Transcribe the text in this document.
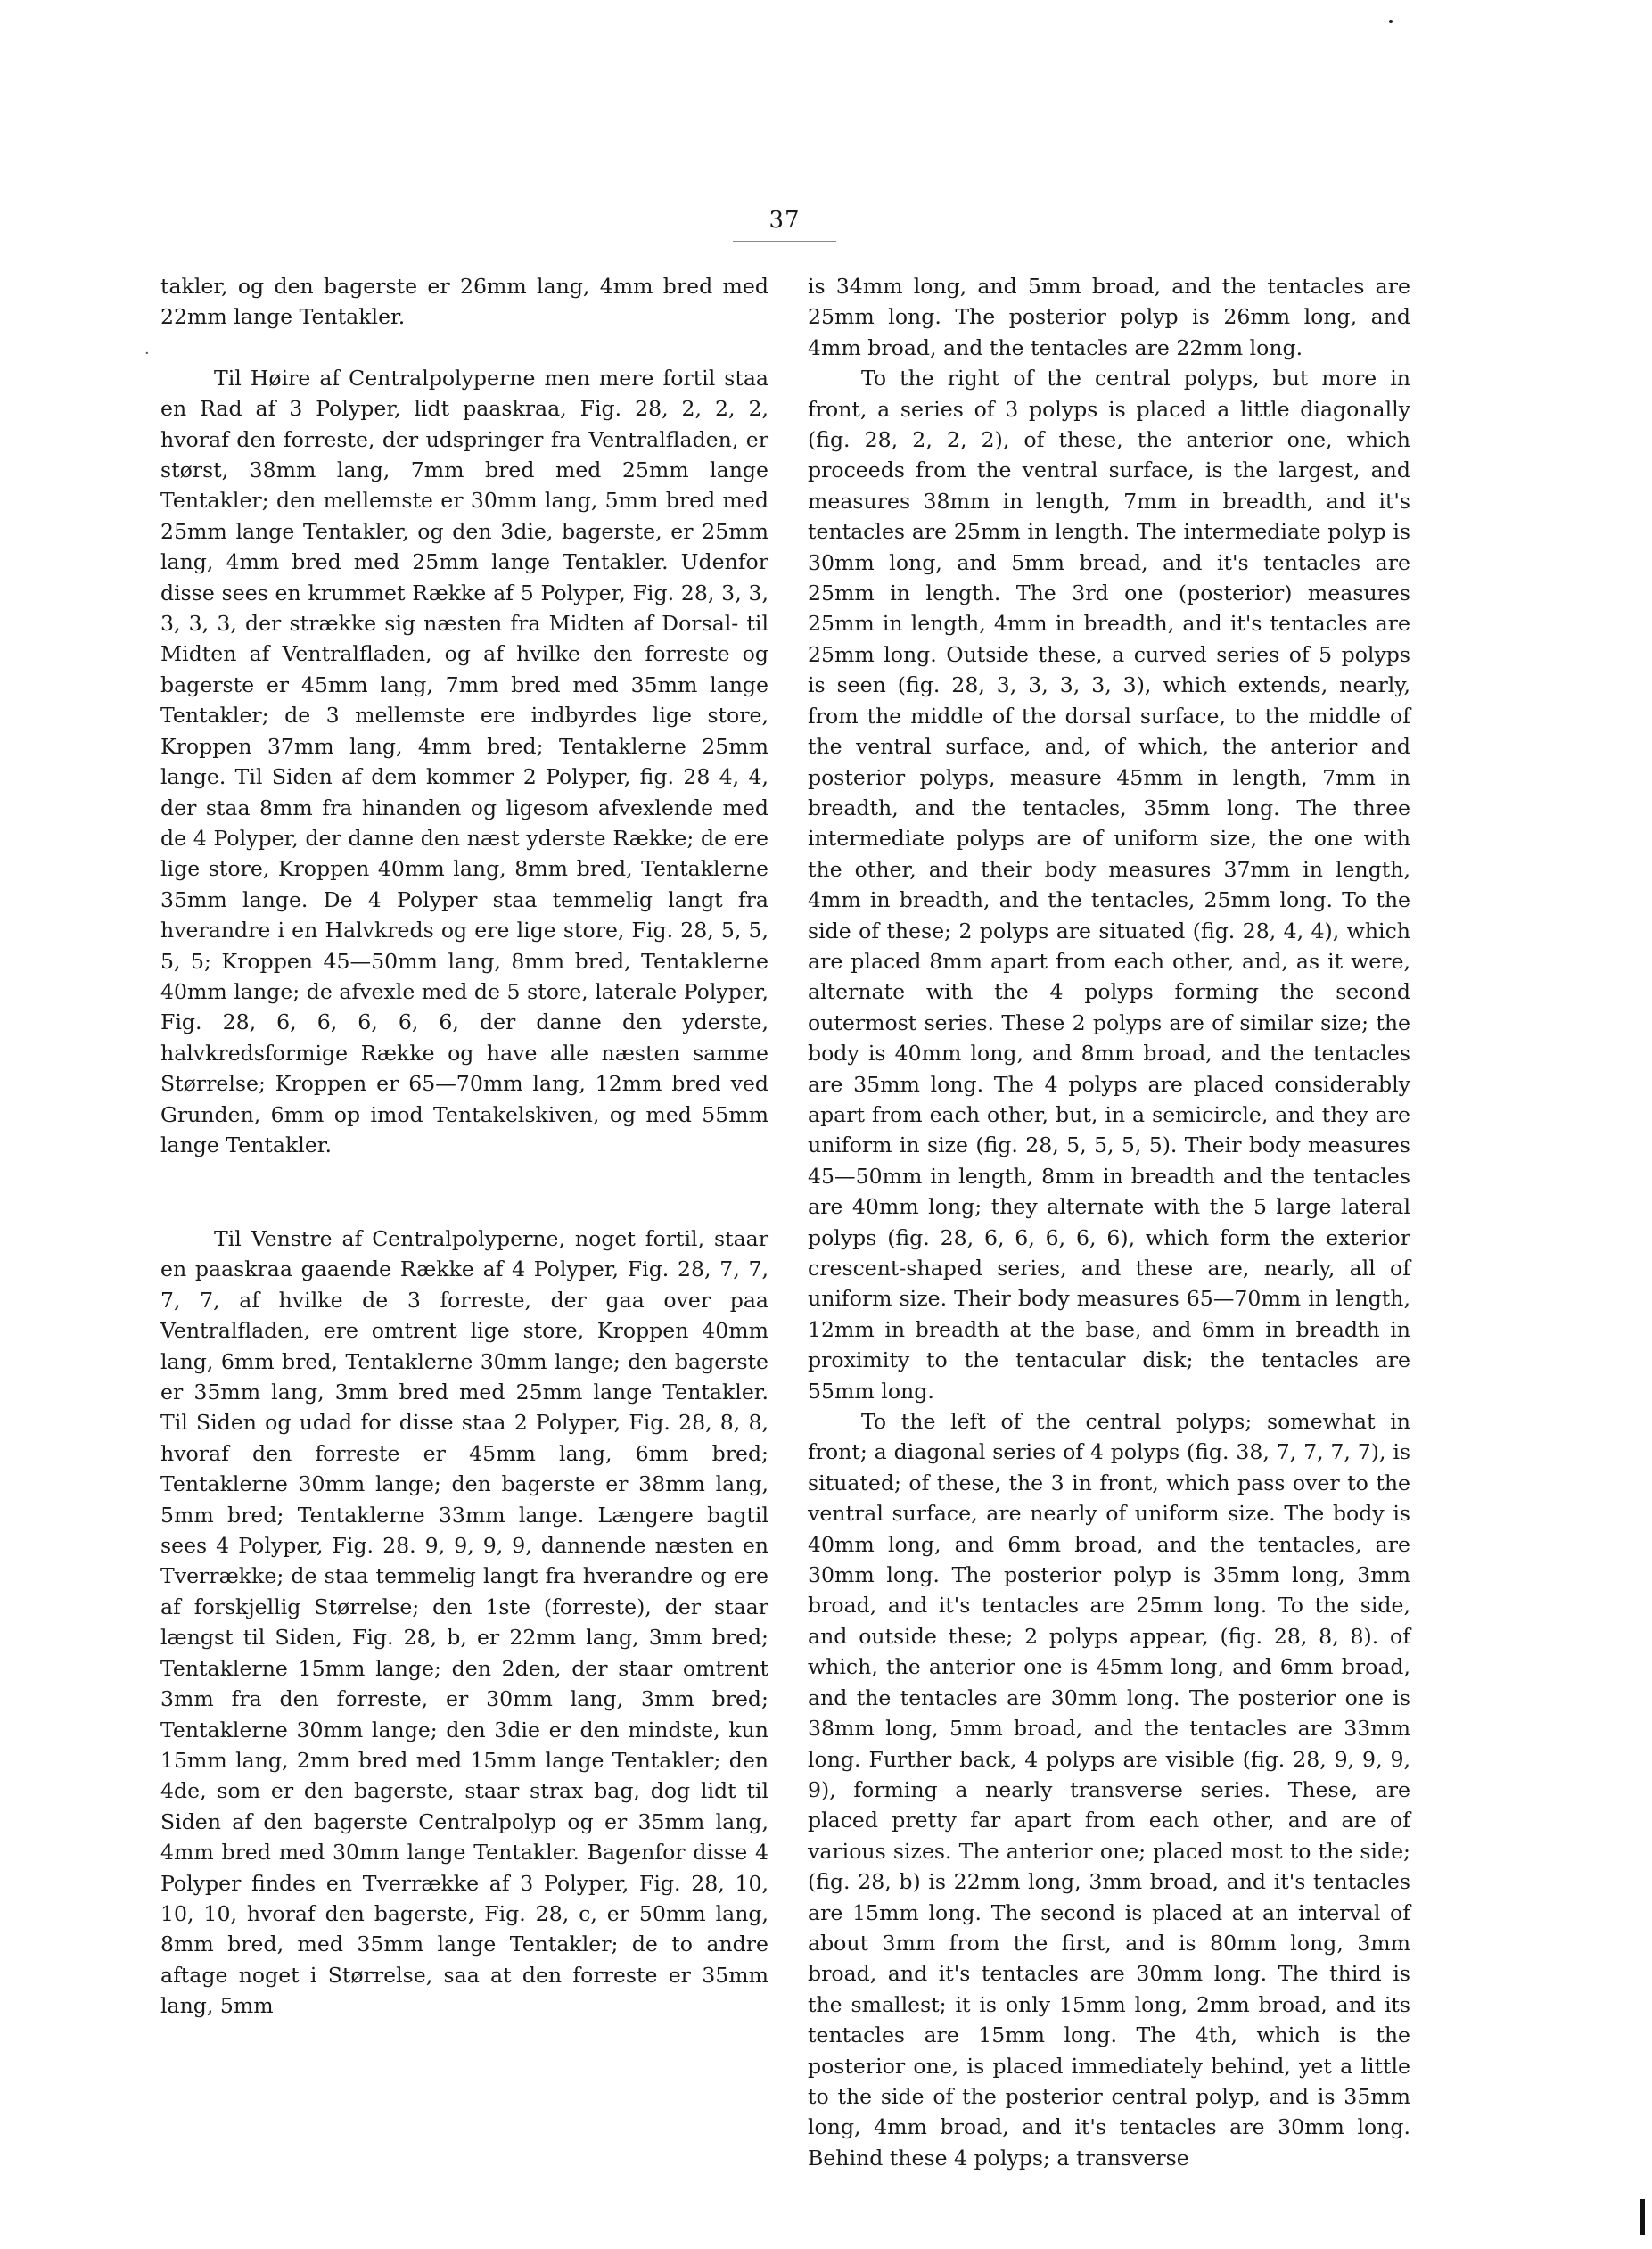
37
·

takler, og den bagerste er 26mm lang, 4mm bred med 22mm lange Tentakler.

Til Høire af Centralpolyperne men mere fortil staa en Rad af 3 Polyper, lidt paaskraa, Fig. 28, 2, 2, 2, hvoraf den forreste, der udspringer fra Ventralfladen, er størst, 38mm lang, 7mm bred med 25mm lange Tentakler; den mellemste er 30mm lang, 5mm bred med 25mm lange Tentakler, og den 3die, bagerste, er 25mm lang, 4mm bred med 25mm lange Tentakler. Udenfor disse sees en krummet Række af 5 Polyper, Fig. 28, 3, 3, 3, 3, 3, der strække sig næsten fra Midten af Dorsal- til Midten af Ventralfladen, og af hvilke den forreste og bagerste er 45mm lang, 7mm bred med 35mm lange Tentakler; de 3 mellemste ere indbyrdes lige store, Kroppen 37mm lang, 4mm bred; Tentaklerne 25mm lange. Til Siden af dem kommer 2 Polyper, fig. 28 4, 4, der staa 8mm fra hinanden og ligesom afvexlende med de 4 Polyper, der danne den næst yderste Række; de ere lige store, Kroppen 40mm lang, 8mm bred, Tentaklerne 35mm lange. De 4 Polyper staa temmelig langt fra hverandre i en Halvkreds og ere lige store, Fig. 28, 5, 5, 5, 5; Kroppen 45—50mm lang, 8mm bred, Tentaklerne 40mm lange; de afvexle med de 5 store, laterale Polyper, Fig. 28, 6, 6, 6, 6, 6, der danne den yderste, halvkredsformige Række og have alle næsten samme Størrelse; Kroppen er 65—70mm lang, 12mm bred ved Grunden, 6mm op imod Tentakelskiven, og med 55mm lange Tentakler.

Til Venstre af Centralpolyperne, noget fortil, staar en paaskraa gaaende Række af 4 Polyper, Fig. 28, 7, 7, 7, 7, af hvilke de 3 forreste, der gaa over paa Ventralfladen, ere omtrent lige store, Kroppen 40mm lang, 6mm bred, Tentaklerne 30mm lange; den bagerste er 35mm lang, 3mm bred med 25mm lange Tentakler. Til Siden og udad for disse staa 2 Polyper, Fig. 28, 8, 8, hvoraf den forreste er 45mm lang, 6mm bred; Tentaklerne 30mm lange; den bagerste er 38mm lang, 5mm bred; Tentaklerne 33mm lange. Længere bagtil sees 4 Polyper, Fig. 28. 9, 9, 9, 9, dannende næsten en Tverrække; de staa temmelig langt fra hverandre og ere af forskjellig Størrelse; den 1ste (forreste), der staar længst til Siden, Fig. 28, b, er 22mm lang, 3mm bred; Tentaklerne 15mm lange; den 2den, der staar omtrent 3mm fra den forreste, er 30mm lang, 3mm bred; Tentaklerne 30mm lange; den 3die er den mindste, kun 15mm lang, 2mm bred med 15mm lange Tentakler; den 4de, som er den bagerste, staar strax bag, dog lidt til Siden af den bagerste Centralpolyp og er 35mm lang, 4mm bred med 30mm lange Tentakler. Bagenfor disse 4 Polyper findes en Tverrække af 3 Polyper, Fig. 28, 10, 10, 10, hvoraf den bagerste, Fig. 28, c, er 50mm lang, 8mm bred, med 35mm lange Tentakler; de to andre aftage noget i Størrelse, saa at den forreste er 35mm lang, 5mm

is 34mm long, and 5mm broad, and the tentacles are 25mm long. The posterior polyp is 26mm long, and 4mm broad, and the tentacles are 22mm long.

To the right of the central polyps, but more in front, a series of 3 polyps is placed a little diagonally (fig. 28, 2, 2, 2), of these, the anterior one, which proceeds from the ventral surface, is the largest, and measures 38mm in length, 7mm in breadth, and it's tentacles are 25mm in length. The intermediate polyp is 30mm long, and 5mm bread, and it's tentacles are 25mm in length. The 3rd one (posterior) measures 25mm in length, 4mm in breadth, and it's tentacles are 25mm long. Outside these, a curved series of 5 polyps is seen (fig. 28, 3, 3, 3, 3, 3), which extends, nearly, from the middle of the dorsal surface, to the middle of the ventral surface, and, of which, the anterior and posterior polyps, measure 45mm in length, 7mm in breadth, and the tentacles, 35mm long. The three intermediate polyps are of uniform size, the one with the other, and their body measures 37mm in length, 4mm in breadth, and the tentacles, 25mm long. To the side of these; 2 polyps are situated (fig. 28, 4, 4), which are placed 8mm apart from each other, and, as it were, alternate with the 4 polyps forming the second outermost series. These 2 polyps are of similar size; the body is 40mm long, and 8mm broad, and the tentacles are 35mm long. The 4 polyps are placed considerably apart from each other, but, in a semicircle, and they are uniform in size (fig. 28, 5, 5, 5, 5). Their body measures 45—50mm in length, 8mm in breadth and the tentacles are 40mm long; they alternate with the 5 large lateral polyps (fig. 28, 6, 6, 6, 6, 6), which form the exterior crescent-shaped series, and these are, nearly, all of uniform size. Their body measures 65—70mm in length, 12mm in breadth at the base, and 6mm in breadth in proximity to the tentacular disk; the tentacles are 55mm long.

To the left of the central polyps; somewhat in front; a diagonal series of 4 polyps (fig. 38, 7, 7, 7, 7), is situated; of these, the 3 in front, which pass over to the ventral surface, are nearly of uniform size. The body is 40mm long, and 6mm broad, and the tentacles, are 30mm long. The posterior polyp is 35mm long, 3mm broad, and it's tentacles are 25mm long. To the side, and outside these; 2 polyps appear, (fig. 28, 8, 8). of which, the anterior one is 45mm long, and 6mm broad, and the tentacles are 30mm long. The posterior one is 38mm long, 5mm broad, and the tentacles are 33mm long. Further back, 4 polyps are visible (fig. 28, 9, 9, 9, 9), forming a nearly transverse series. These, are placed pretty far apart from each other, and are of various sizes. The anterior one; placed most to the side; (fig. 28, b) is 22mm long, 3mm broad, and it's tentacles are 15mm long. The second is placed at an interval of about 3mm from the first, and is 80mm long, 3mm broad, and it's tentacles are 30mm long. The third is the smallest; it is only 15mm long, 2mm broad, and its tentacles are 15mm long. The 4th, which is the posterior one, is placed immediately behind, yet a little to the side of the posterior central polyp, and is 35mm long, 4mm broad, and it's tentacles are 30mm long. Behind these 4 polyps; a transverse
